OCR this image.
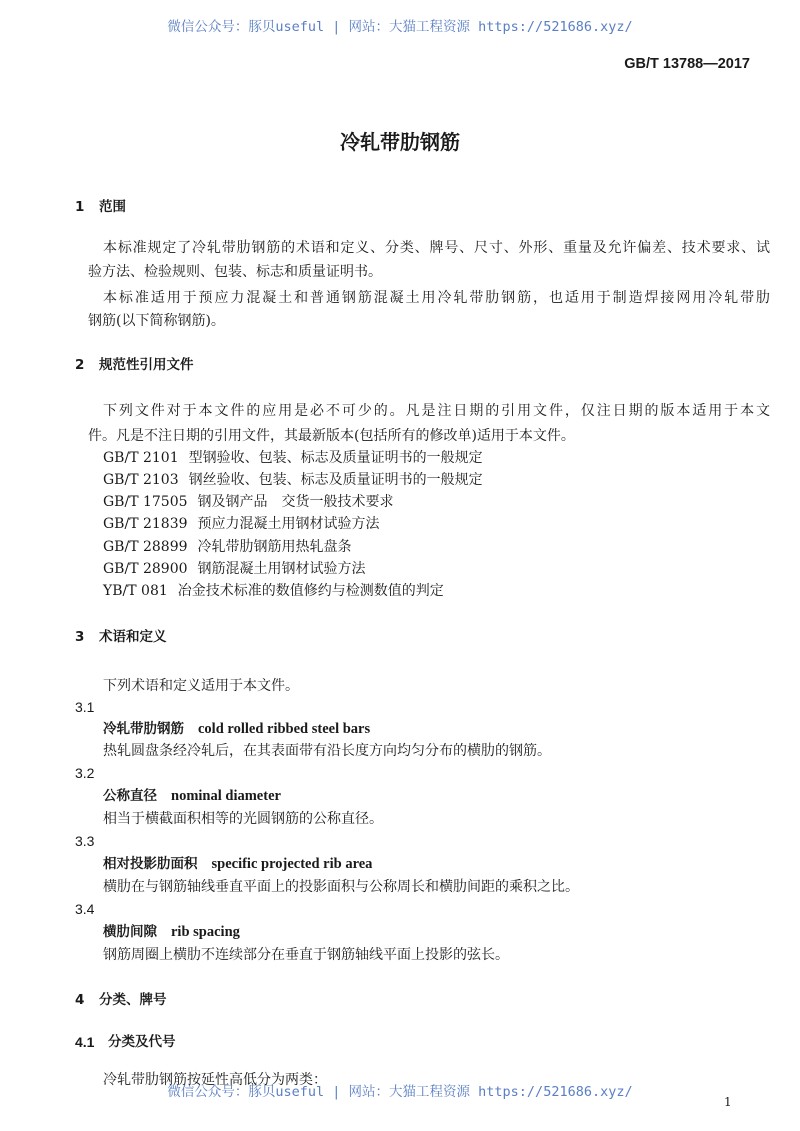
微信公众号：豚贝useful | 网站：大猫工程资源 https://521686.xyz/
GB/T 13788—2017
冷轧带肋钢筋
1 范围
本标准规定了冷轧带肋钢筋的术语和定义、分类、牌号、尺寸、外形、重量及允许偏差、技术要求、试
验方法、检验规则、包装、标志和质量证明书。
本标准适用于预应力混凝土和普通钢筋混凝土用冷轧带肋钢筋，也适用于制造焊接网用冷轧带肋
钢筋(以下简称钢筋)。
2 规范性引用文件
下列文件对于本文件的应用是必不可少的。凡是注日期的引用文件，仅注日期的版本适用于本文
件。凡是不注日期的引用文件，其最新版本(包括所有的修改单)适用于本文件。
GB/T 2101 型钢验收、包装、标志及质量证明书的一般规定
GB/T 2103 钢丝验收、包装、标志及质量证明书的一般规定
GB/T 17505 钢及钢产品　交货一般技术要求
GB/T 21839 预应力混凝土用钢材试验方法
GB/T 28899 冷轧带肋钢筋用热轧盘条
GB/T 28900 钢筋混凝土用钢材试验方法
YB/T 081 冶金技术标准的数值修约与检测数值的判定
3 术语和定义
下列术语和定义适用于本文件。
3.1
冷轧带肋钢筋 cold rolled ribbed steel bars
热轧圆盘条经冷轧后，在其表面带有沿长度方向均匀分布的横肋的钢筋。
3.2
公称直径 nominal diameter
相当于横截面积相等的光圆钢筋的公称直径。
3.3
相对投影肋面积 specific projected rib area
横肋在与钢筋轴线垂直平面上的投影面积与公称周长和横肋间距的乘积之比。
3.4
横肋间隙 rib spacing
钢筋周圈上横肋不连续部分在垂直于钢筋轴线平面上投影的弦长。
4 分类、牌号
4.1 分类及代号
冷轧带肋钢筋按延性高低分为两类：
微信公众号：豚贝useful | 网站：大猫工程资源 https://521686.xyz/
1
